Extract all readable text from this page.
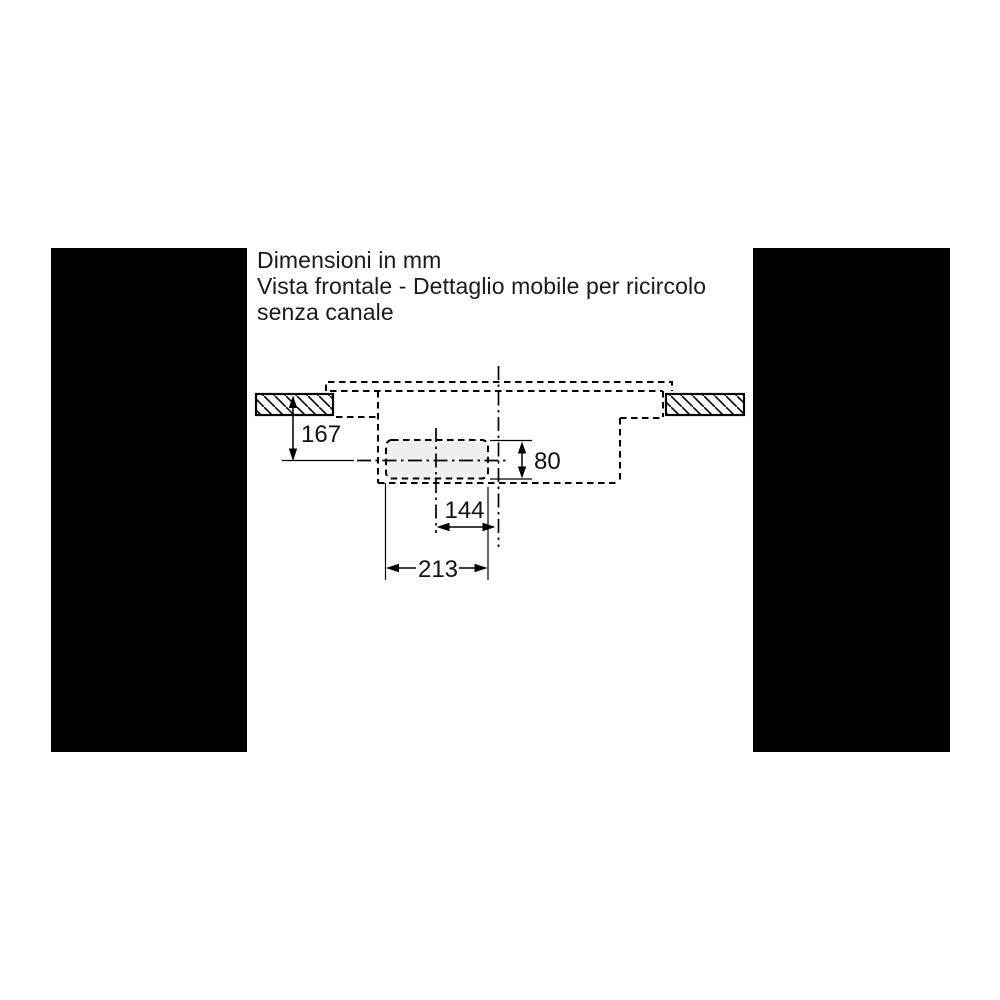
Dimensioni in mm
Vista frontale - Dettaglio mobile per ricircolo
senza canale
167
80
144
213
